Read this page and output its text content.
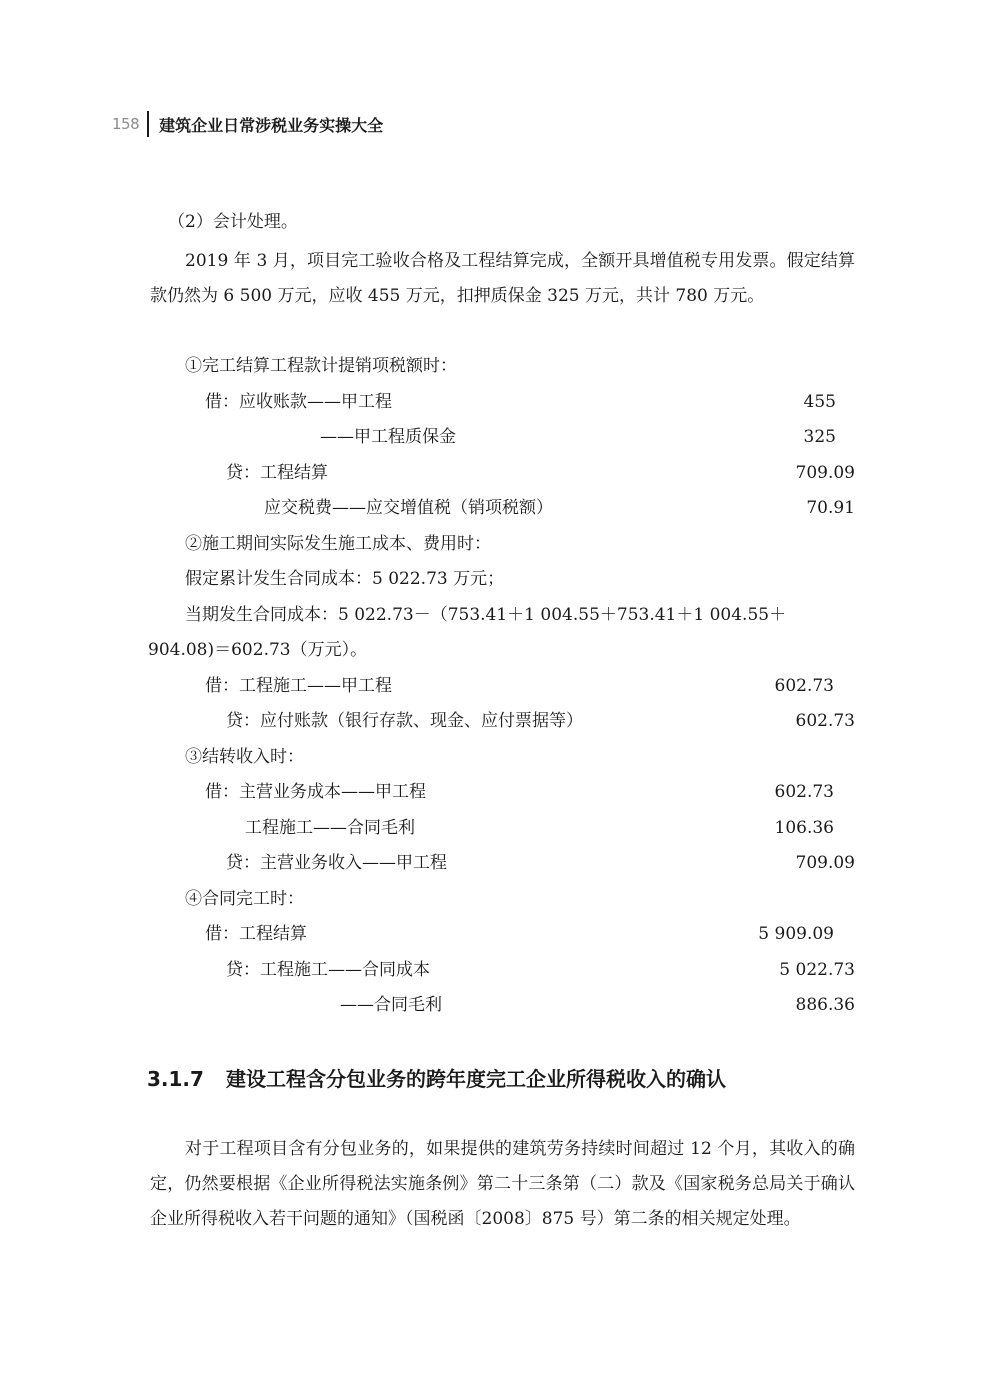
158 建筑企业日常涉税业务实操大全
（2）会计处理。
2019 年 3 月，项目完工验收合格及工程结算完成，全额开具增值税专用发票。假定结算款仍然为 6 500 万元，应收 455 万元，扣押质保金 325 万元，共计 780 万元。
①完工结算工程款计提销项税额时：
借：应收账款——甲工程	455
——甲工程质保金	325
贷：工程结算	709.09
应交税费——应交增值税（销项税额）	70.91
②施工期间实际发生施工成本、费用时：
假定累计发生合同成本：5 022.73 万元；
当期发生合同成本：5 022.73－（753.41＋1 004.55＋753.41＋1 004.55＋
904.08)＝602.73（万元）。
借：工程施工——甲工程	602.73
贷：应付账款（银行存款、现金、应付票据等）	602.73
③结转收入时：
借：主营业务成本——甲工程	602.73
工程施工——合同毛利	106.36
贷：主营业务收入——甲工程	709.09
④合同完工时：
借：工程结算	5 909.09
贷：工程施工——合同成本	5 022.73
——合同毛利	886.36
3.1.7 建设工程含分包业务的跨年度完工企业所得税收入的确认
对于工程项目含有分包业务的，如果提供的建筑劳务持续时间超过 12 个月，其收入的确定，仍然要根据《企业所得税法实施条例》第二十三条第（二）款及《国家税务总局关于确认企业所得税收入若干问题的通知》（国税函〔2008〕875 号）第二条的相关规定处理。
